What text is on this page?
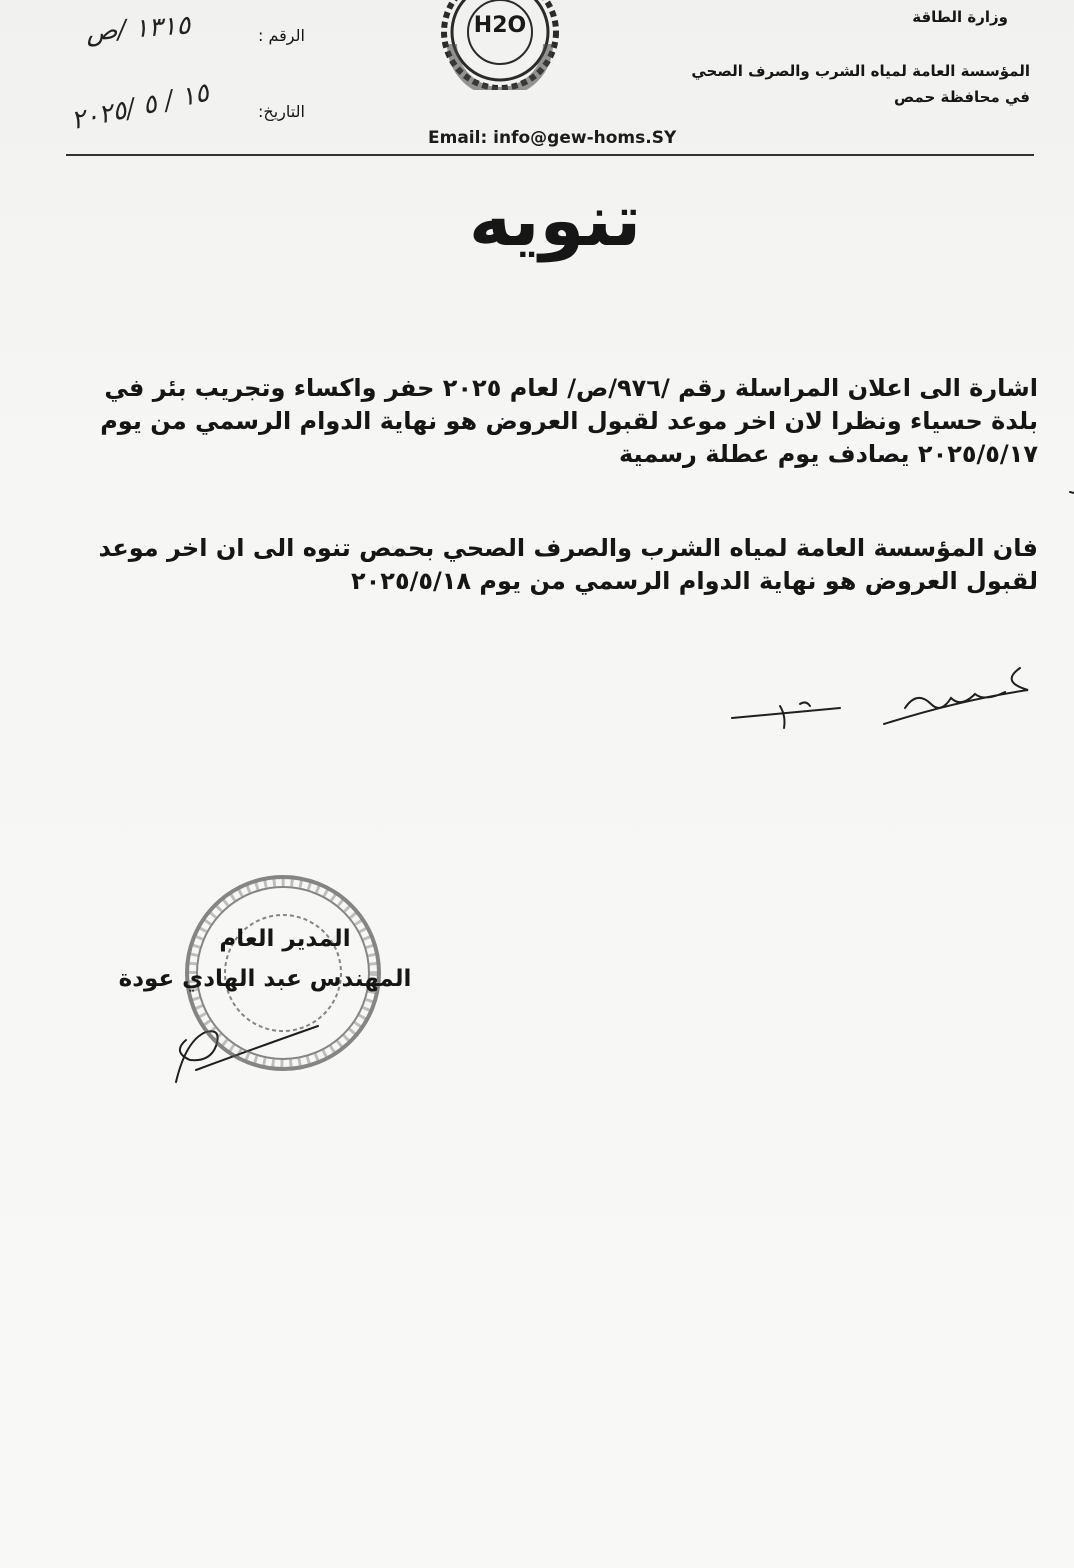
وزارة الطاقة
المؤسسة العامة لمياه الشرب والصرف الصحي
في محافظة حمص
الرقم :
١٣١٥ /ص
التاريخ:
١٥ / ٥ /٢٠٢٥
H2O
Email: info@gew-homs.SY
تنويه
اشارة الى اعلان المراسلة رقم /٩٧٦/ص/ لعام ٢٠٢٥ حفر واكساء وتجريب بئر في
بلدة حسياء ونظرا لان اخر موعد لقبول العروض هو نهاية الدوام الرسمي من يوم
٢٠٢٥/٥/١٧ يصادف يوم عطلة رسمية
فان المؤسسة العامة لمياه الشرب والصرف الصحي بحمص تنوه الى ان اخر موعد
لقبول العروض هو نهاية الدوام الرسمي من يوم ٢٠٢٥/٥/١٨
المدير العام
المهندس عبد الهادي عودة
